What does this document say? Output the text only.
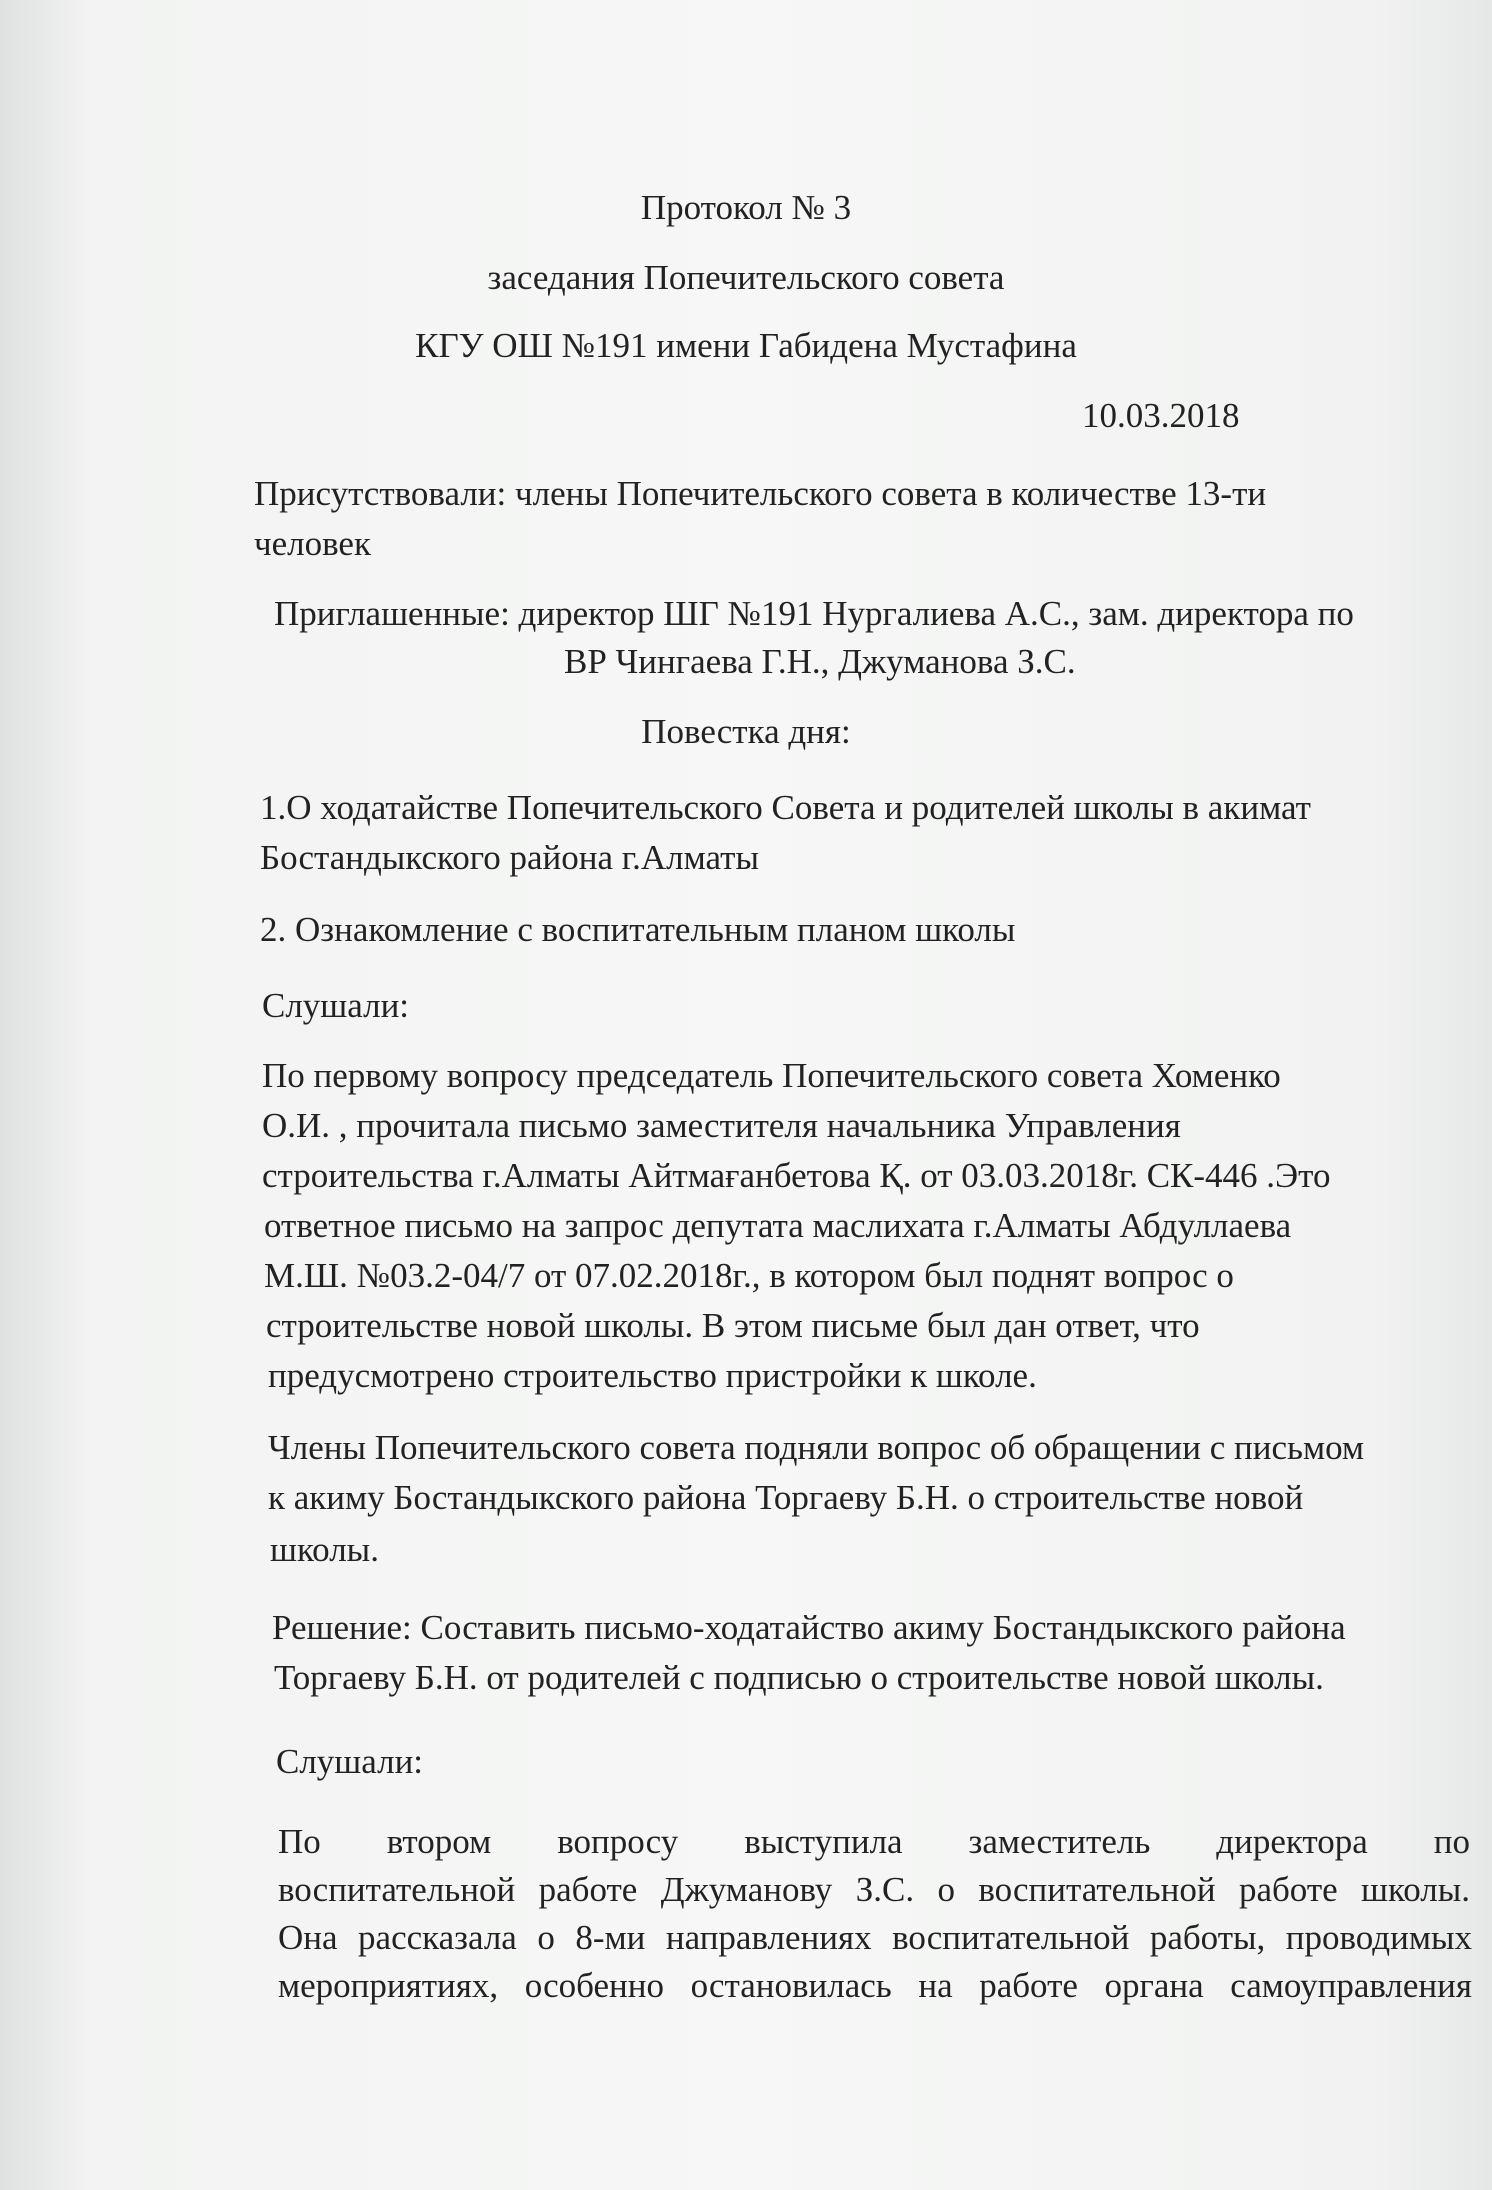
Протокол № 3
заседания Попечительского совета
КГУ ОШ №191 имени Габидена Мустафина
10.03.2018
Присутствовали: члены Попечительского совета в количестве 13-ти
человек
Приглашенные: директор ШГ №191 Нургалиева А.С., зам. директора по
ВР Чингаева Г.Н., Джуманова З.С.
Повестка дня:
1.О ходатайстве Попечительского Совета и родителей школы в акимат
Бостандыкского района г.Алматы
2. Ознакомление с воспитательным планом школы
Слушали:
По первому вопросу председатель Попечительского совета Хоменко
О.И. , прочитала письмо заместителя начальника Управления
строительства г.Алматы Айтмағанбетова Қ. от 03.03.2018г. СК-446 .Это
ответное письмо на запрос депутата маслихата г.Алматы Абдуллаева
М.Ш. №03.2-04/7 от 07.02.2018г., в котором был поднят вопрос о
строительстве новой школы. В этом письме был дан ответ, что
предусмотрено строительство пристройки к школе.
Члены Попечительского совета подняли вопрос об обращении с письмом
к акиму Бостандыкского района Торгаеву Б.Н. о строительстве новой
школы.
Решение: Составить письмо-ходатайство акиму Бостандыкского района
Торгаеву Б.Н. от родителей с подписью о строительстве новой школы.
Слушали:
По втором вопросу выступила заместитель директора по
воспитательной работе Джуманову З.С. о воспитательной работе школы.
Она рассказала о 8-ми направлениях воспитательной работы, проводимых
мероприятиях, особенно остановилась на работе органа самоуправления
